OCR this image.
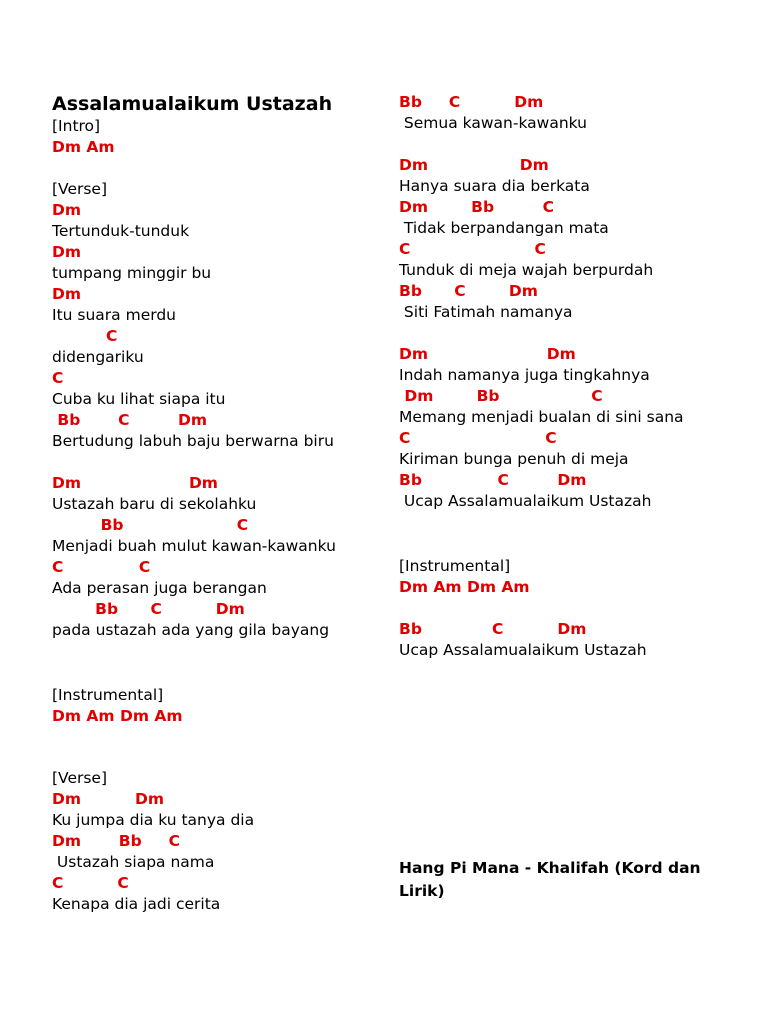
Assalamualaikum Ustazah
[Intro]
Dm Am
[Verse]
Dm
Tertunduk-tunduk
Dm
tumpang minggir bu
Dm
Itu suara merdu
C
didengariku
C
Cuba ku lihat siapa itu
Bb       C         Dm
Bertudung labuh baju berwarna biru
Dm                    Dm
Ustazah baru di sekolahku
Bb                     C
Menjadi buah mulut kawan-kawanku
C              C
Ada perasan juga berangan
Bb      C          Dm
pada ustazah ada yang gila bayang
[Instrumental]
Dm Am Dm Am
[Verse]
Dm          Dm
Ku jumpa dia ku tanya dia
Dm       Bb     C
Ustazah siapa nama
C          C
Kenapa dia jadi cerita
Bb     C          Dm
Semua kawan-kawanku
Dm                 Dm
Hanya suara dia berkata
Dm        Bb         C
Tidak berpandangan mata
C                       C
Tunduk di meja wajah berpurdah
Bb      C        Dm
Siti Fatimah namanya
Dm                      Dm
Indah namanya juga tingkahnya
Dm        Bb                 C
Memang menjadi bualan di sini sana
C                         C
Kiriman bunga penuh di meja
Bb              C         Dm
Ucap Assalamualaikum Ustazah
[Instrumental]
Dm Am Dm Am
Bb             C          Dm
Ucap Assalamualaikum Ustazah
Hang Pi Mana - Khalifah (Kord dan Lirik)
